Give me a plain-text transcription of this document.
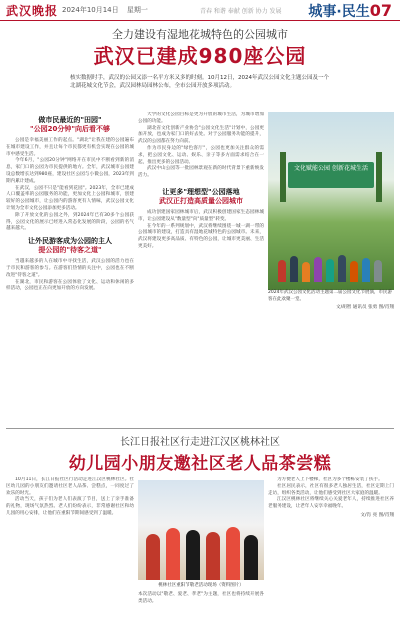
武汉晚报 2024年10月14日 星期一	青春 和谐 奉献 创新 协力 发展 城事·民生07
全力建设有湿地花城特色的公园城市
武汉已建成980座公园
核实数据时手，武汉的公园又添一名平方米又多的时刻。10月12日，2024年武汉公园文化主题公园及一个北湖花城文化节会，武汉园林局园林公布，全市公园开放多项活动。
做市民最近的"田园"
"公园20分钟"向后看不够

公园是幸福美丽工作的起点。"湖北"让我在建的公园遍布在城市建设工作，并且让每个市民都更有机会实现在公园的城市中感受生活。

今年6月，"公园20分钟"网络开在市民中不断看到新的消息，家门口的公园为市民提供的地方。全年，武汉城市公园建设总数增长达到980座，建设社区公园与小微公园，2023年到期内累计建成。

在武汉，公园不只是"能看到花园"。2023年，全市已建成人口覆盖率的公园服务的功能，更加文化上公园和城市，创建较好的公园城市，让公园内的游客更有人情味，武汉公园文化计划为全市文化公园添加更多活动。

除了开放文化的公园之外，到2024年已有30多个公园获得，公园文化的展示已经进入常态化发展的阶段，公园的名气越来越大。

让外民游客成为公园的主人
提公园的"待客之道"

当越来越多的人在城市中寻找生活，武汉公园的活力也在于市民和游客的参与。在游客们热情的关注中，公园也在不断改进"待客之道"。

在湖北，市民和游客在公园体验了文化、运动和休闲的多样活动，公园也正在向更加开放的方向发展。

大学的文化公园目标是更为开放的城市生活，为城市增加公园的功能。

湖北省文化创新产业协会"公园文化生活"计划中，公园更加开放，也成为家门口的好去处。对于公园服务功能的提升，武汉的公园都在努力向前。

作为市民身边的"绿色客厅"，公园也更加关注群众的需求，把公园文化、运动、娱乐、亲子等多方面需求结合在一起，推出更多的公园活动。

武汉中山公园等一批园林景观在新的时代背景下重新焕发活力。

让更多"理想型"公园落地
武汉正打造高质量公园城市

成功创建国家园林城市后，武汉积极创建国家生态园林城市，让公园建设从"数量型"向"质量型"转变。

在今年的一系列规划中，武汉将继续围绕一城一湖一带的公园城市的建设，打造具有湿地花城特色的公园城市。未来，武汉将建设更多高品质、有特色的公园，让城市更美丽、生活更美好。

文化赋能公园 创新花城生活
2024年武汉公园文化活动主题第二届公园文化节展演，市民游客在此欢聚一堂。
文/胡智 通讯员 张勇 图/肖翔
长江日报社区行走进江汉区桃林社区
幼儿园小朋友邀社区老人品茶尝糕

10月11日，长江日报社区行活动走进江汉区桃林社区。社区幼儿园的小朋友们邀请社区老人品茶、尝糕点，一同度过了欢乐的时光。

活动当天，孩子们为老人们表演了节目，送上了亲手准备的礼物，现场气氛热烈。老人们纷纷表示，非常感谢社区和幼儿园的用心安排，让他们在重阳节期间感受到了温暖。

桃林社区重阳节敬老活动现场（资料图片）
本次活动以"敬老、爱老、孝老"为主题，社区也将持续开展各类活动。

为方便老人上下楼梯，社区为多个楼栋安装了扶手。

社区居民表示，社区有很多老人独居生活，社区定期上门走访，组织各类活动，让他们感受到社区大家庭的温暖。

江汉区桃林社区将继续关心关爱老年人，持续推进社区养老服务建设，让老年人安享幸福晚年。

文/肖 亮 图/肖翔
